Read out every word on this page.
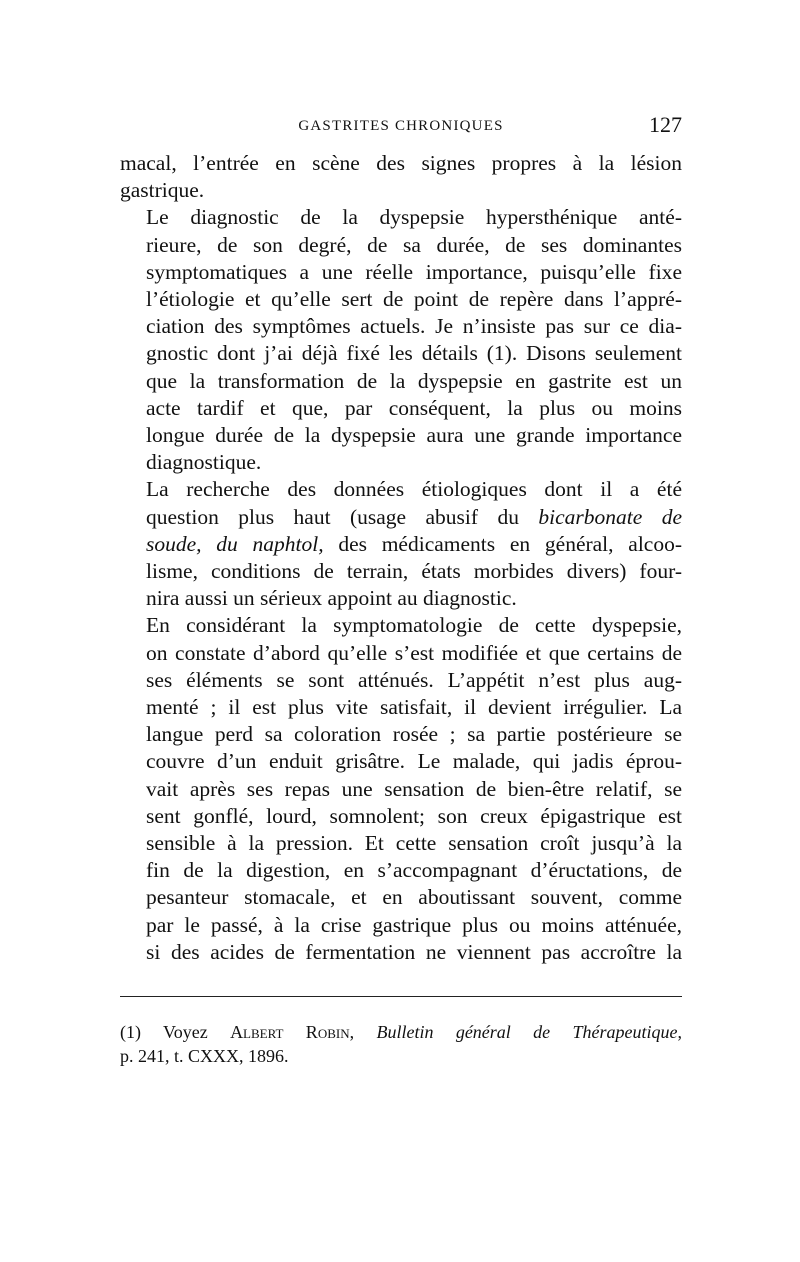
GASTRITES CHRONIQUES	127

macal, l’entrée en scène des signes propres à la lésion
gastrique.

Le diagnostic de la dyspepsie hypersthénique anté-
rieure, de son degré, de sa durée, de ses dominantes
symptomatiques a une réelle importance, puisqu’elle fixe
l’étiologie et qu’elle sert de point de repère dans l’appré-
ciation des symptômes actuels. Je n’insiste pas sur ce dia-
gnostic dont j’ai déjà fixé les détails (1). Disons seulement
que la transformation de la dyspepsie en gastrite est un
acte tardif et que, par conséquent, la plus ou moins
longue durée de la dyspepsie aura une grande importance
diagnostique.

La recherche des données étiologiques dont il a été
question plus haut (usage abusif du bicarbonate de
soude, du naphtol, des médicaments en général, alcoo-
lisme, conditions de terrain, états morbides divers) four-
nira aussi un sérieux appoint au diagnostic.

En considérant la symptomatologie de cette dyspepsie,
on constate d’abord qu’elle s’est modifiée et que certains de
ses éléments se sont atténués. L’appétit n’est plus aug-
menté ; il est plus vite satisfait, il devient irrégulier. La
langue perd sa coloration rosée ; sa partie postérieure se
couvre d’un enduit grisâtre. Le malade, qui jadis éprou-
vait après ses repas une sensation de bien-être relatif, se
sent gonflé, lourd, somnolent; son creux épigastrique est
sensible à la pression. Et cette sensation croît jusqu’à la
fin de la digestion, en s’accompagnant d’éructations, de
pesanteur stomacale, et en aboutissant souvent, comme
par le passé, à la crise gastrique plus ou moins atténuée,
si des acides de fermentation ne viennent pas accroître la

(1) Voyez Albert Robin, Bulletin général de Thérapeutique,
p. 241, t. CXXX, 1896.
